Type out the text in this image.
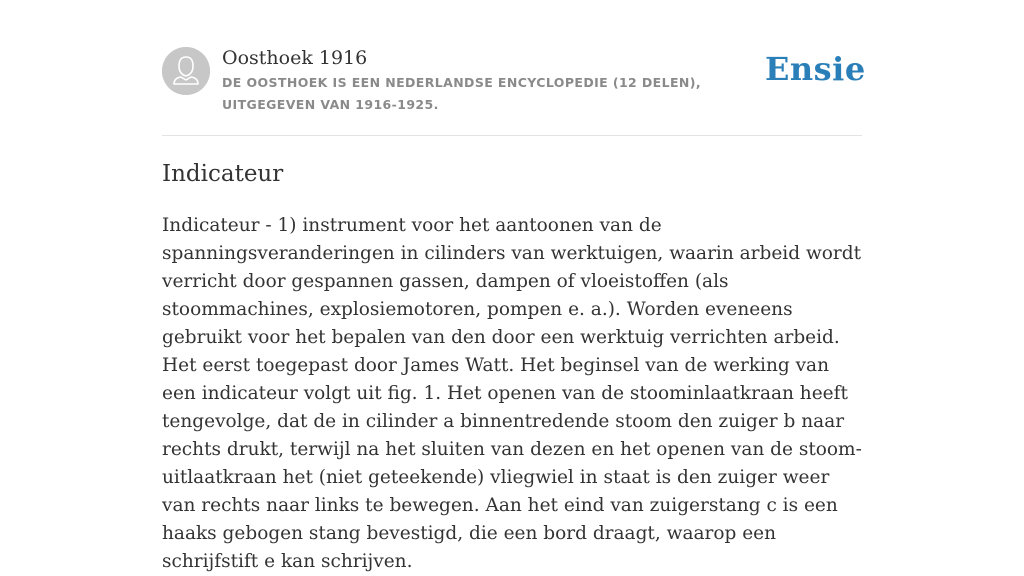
Oosthoek 1916
DE OOSTHOEK IS EEN NEDERLANDSE ENCYCLOPEDIE (12 DELEN), UITGEGEVEN VAN 1916-1925.
Ensie
Indicateur

Indicateur - 1) instrument voor het aantoonen van de spanningsveranderingen in cilinders van werktuigen, waarin arbeid wordt verricht door gespannen gassen, dampen of vloeistoffen (als stoommachines, explosiemotoren, pompen e. a.). Worden eveneens gebruikt voor het bepalen van den door een werktuig verrichten arbeid. Het eerst toegepast door James Watt. Het beginsel van de werking van een indicateur volgt uit fig. 1. Het openen van de stoominlaatkraan heeft tengevolge, dat de in cilinder a binnentredende stoom den zuiger b naar rechts drukt, terwijl na het sluiten van dezen en het openen van de stoom-uitlaatkraan het (niet geteekende) vliegwiel in staat is den zuiger weer van rechts naar links te bewegen. Aan het eind van zuigerstang c is een haaks gebogen stang bevestigd, die een bord draagt, waarop een schrijfstift e kan schrijven.
